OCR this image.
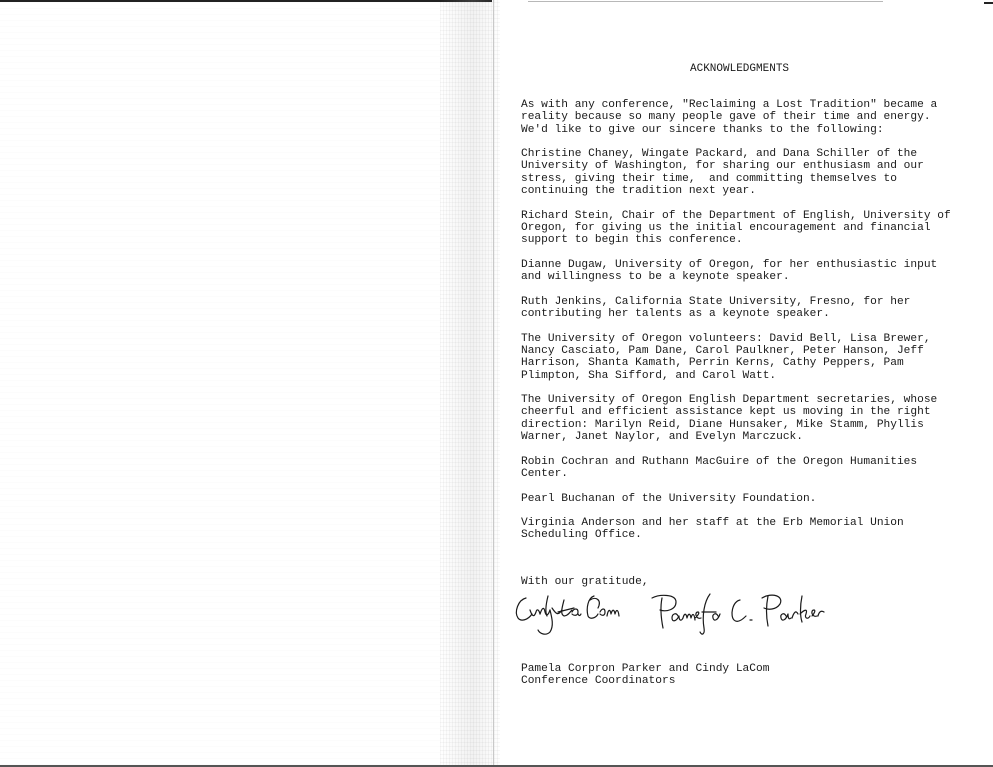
ACKNOWLEDGMENTS

As with any conference, "Reclaiming a Lost Tradition" became a
reality because so many people gave of their time and energy.
We'd like to give our sincere thanks to the following:

Christine Chaney, Wingate Packard, and Dana Schiller of the
University of Washington, for sharing our enthusiasm and our
stress, giving their time,  and committing themselves to
continuing the tradition next year.

Richard Stein, Chair of the Department of English, University of
Oregon, for giving us the initial encouragement and financial
support to begin this conference.

Dianne Dugaw, University of Oregon, for her enthusiastic input
and willingness to be a keynote speaker.

Ruth Jenkins, California State University, Fresno, for her
contributing her talents as a keynote speaker.

The University of Oregon volunteers: David Bell, Lisa Brewer,
Nancy Casciato, Pam Dane, Carol Paulkner, Peter Hanson, Jeff
Harrison, Shanta Kamath, Perrin Kerns, Cathy Peppers, Pam
Plimpton, Sha Sifford, and Carol Watt.

The University of Oregon English Department secretaries, whose
cheerful and efficient assistance kept us moving in the right
direction: Marilyn Reid, Diane Hunsaker, Mike Stamm, Phyllis
Warner, Janet Naylor, and Evelyn Marczuck.

Robin Cochran and Ruthann MacGuire of the Oregon Humanities
Center.

Pearl Buchanan of the University Foundation.

Virginia Anderson and her staff at the Erb Memorial Union
Scheduling Office.

With our gratitude,
Pamela Corpron Parker and Cindy LaCom
Conference Coordinators
